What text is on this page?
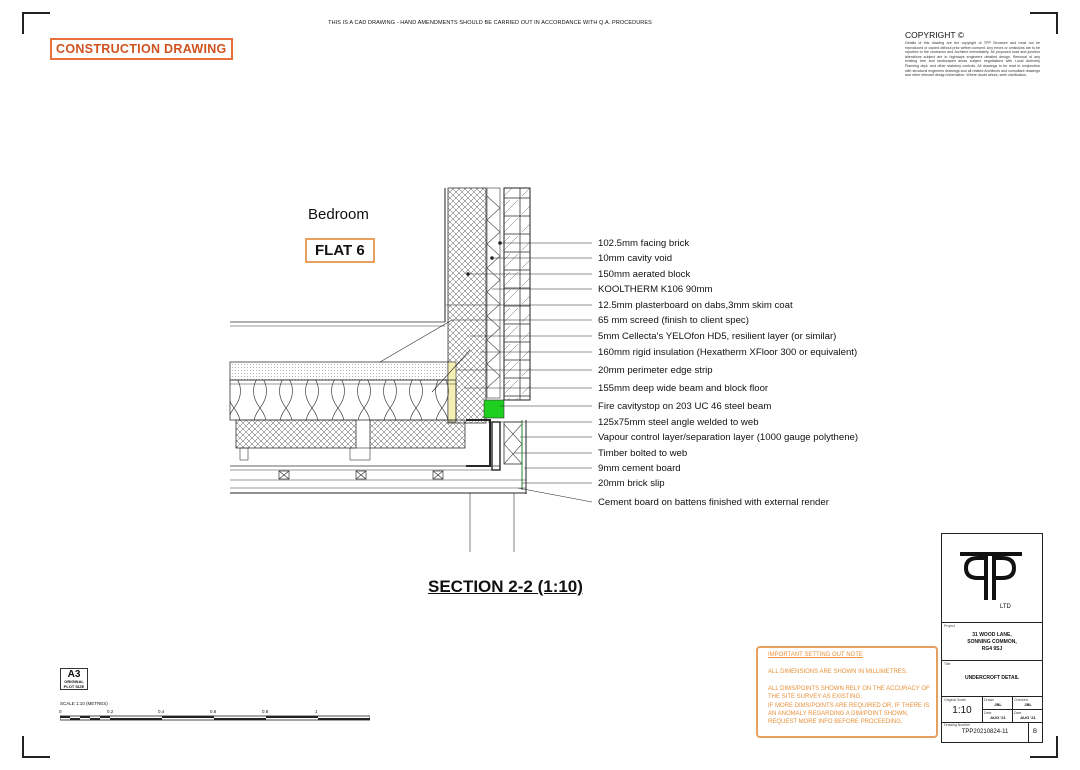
THIS IS A CAD DRAWING - HAND AMENDMENTS SHOULD BE CARRIED OUT IN ACCORDANCE WITH Q.A. PROCEDURES
CONSTRUCTION DRAWING
COPYRIGHT ©
Details of this drawing are the copyright of TPP Structure and must not be reproduced or copied without prior written consent. Any errors or omissions are to be reported to the contractor and Architect immediately. All proposed road and junction alterations subject are to highways engineers detailed design. Removal of any existing tree and landscaped areas subject negotiations with Local Authority Planning dept. and other statutory controls. All drawings to be read in conjunction with structural engineers drawings and all related Architects and consultant drawings and other relevant design information. Where doubt arises, seek clarification.
Bedroom
FLAT 6	102.5mm facing brick
10mm cavity void
150mm aerated block
KOOLTHERM K106 90mm
12.5mm plasterboard on dabs,3mm skim coat
65 mm screed (finish to client spec)
5mm Cellecta's YELOfon HD5, resilient layer (or similar)
160mm rigid insulation (Hexatherm XFloor 300 or equivalent)
20mm perimeter edge strip
155mm deep wide beam and block floor
Fire cavitystop on 203 UC 46 steel beam
125x75mm steel angle welded to web
Vapour control layer/separation layer (1000 gauge polythene)
Timber bolted to web
9mm cement board
20mm brick slip
Cement board on battens finished with external render
SECTION 2-2 (1:10)
A3
ORIGINAL
PLOT SIZE
SCALE 1:10 (METRES)
0	0.2	0.4	0.6	0.8	1
IMPORTANT SETTING OUT NOTE
ALL DIMENSIONS ARE SHOWN IN MILLIMETRES.
ALL DIMS/POINTS SHOWN RELY ON THE ACCURACY OF
THE SITE SURVEY AS EXISTING.
IF MORE DIMS/POINTS ARE REQUIRED OR, IF THERE IS
AN ANOMALY REGARDING A DIM/POINT SHOWN,
REQUEST MORE INFO BEFORE PROCEEDING.
LTD
Project
31 WOOD LANE,
SONNING COMMON,
RG4 9SJ
Title
UNDERCROFT DETAIL
Original Scale
1:10
Drawn
JBL
Checked
JBL
Date
AUG '21
Date
AUG '21
Drawing Number
TPP20210824-11	B
